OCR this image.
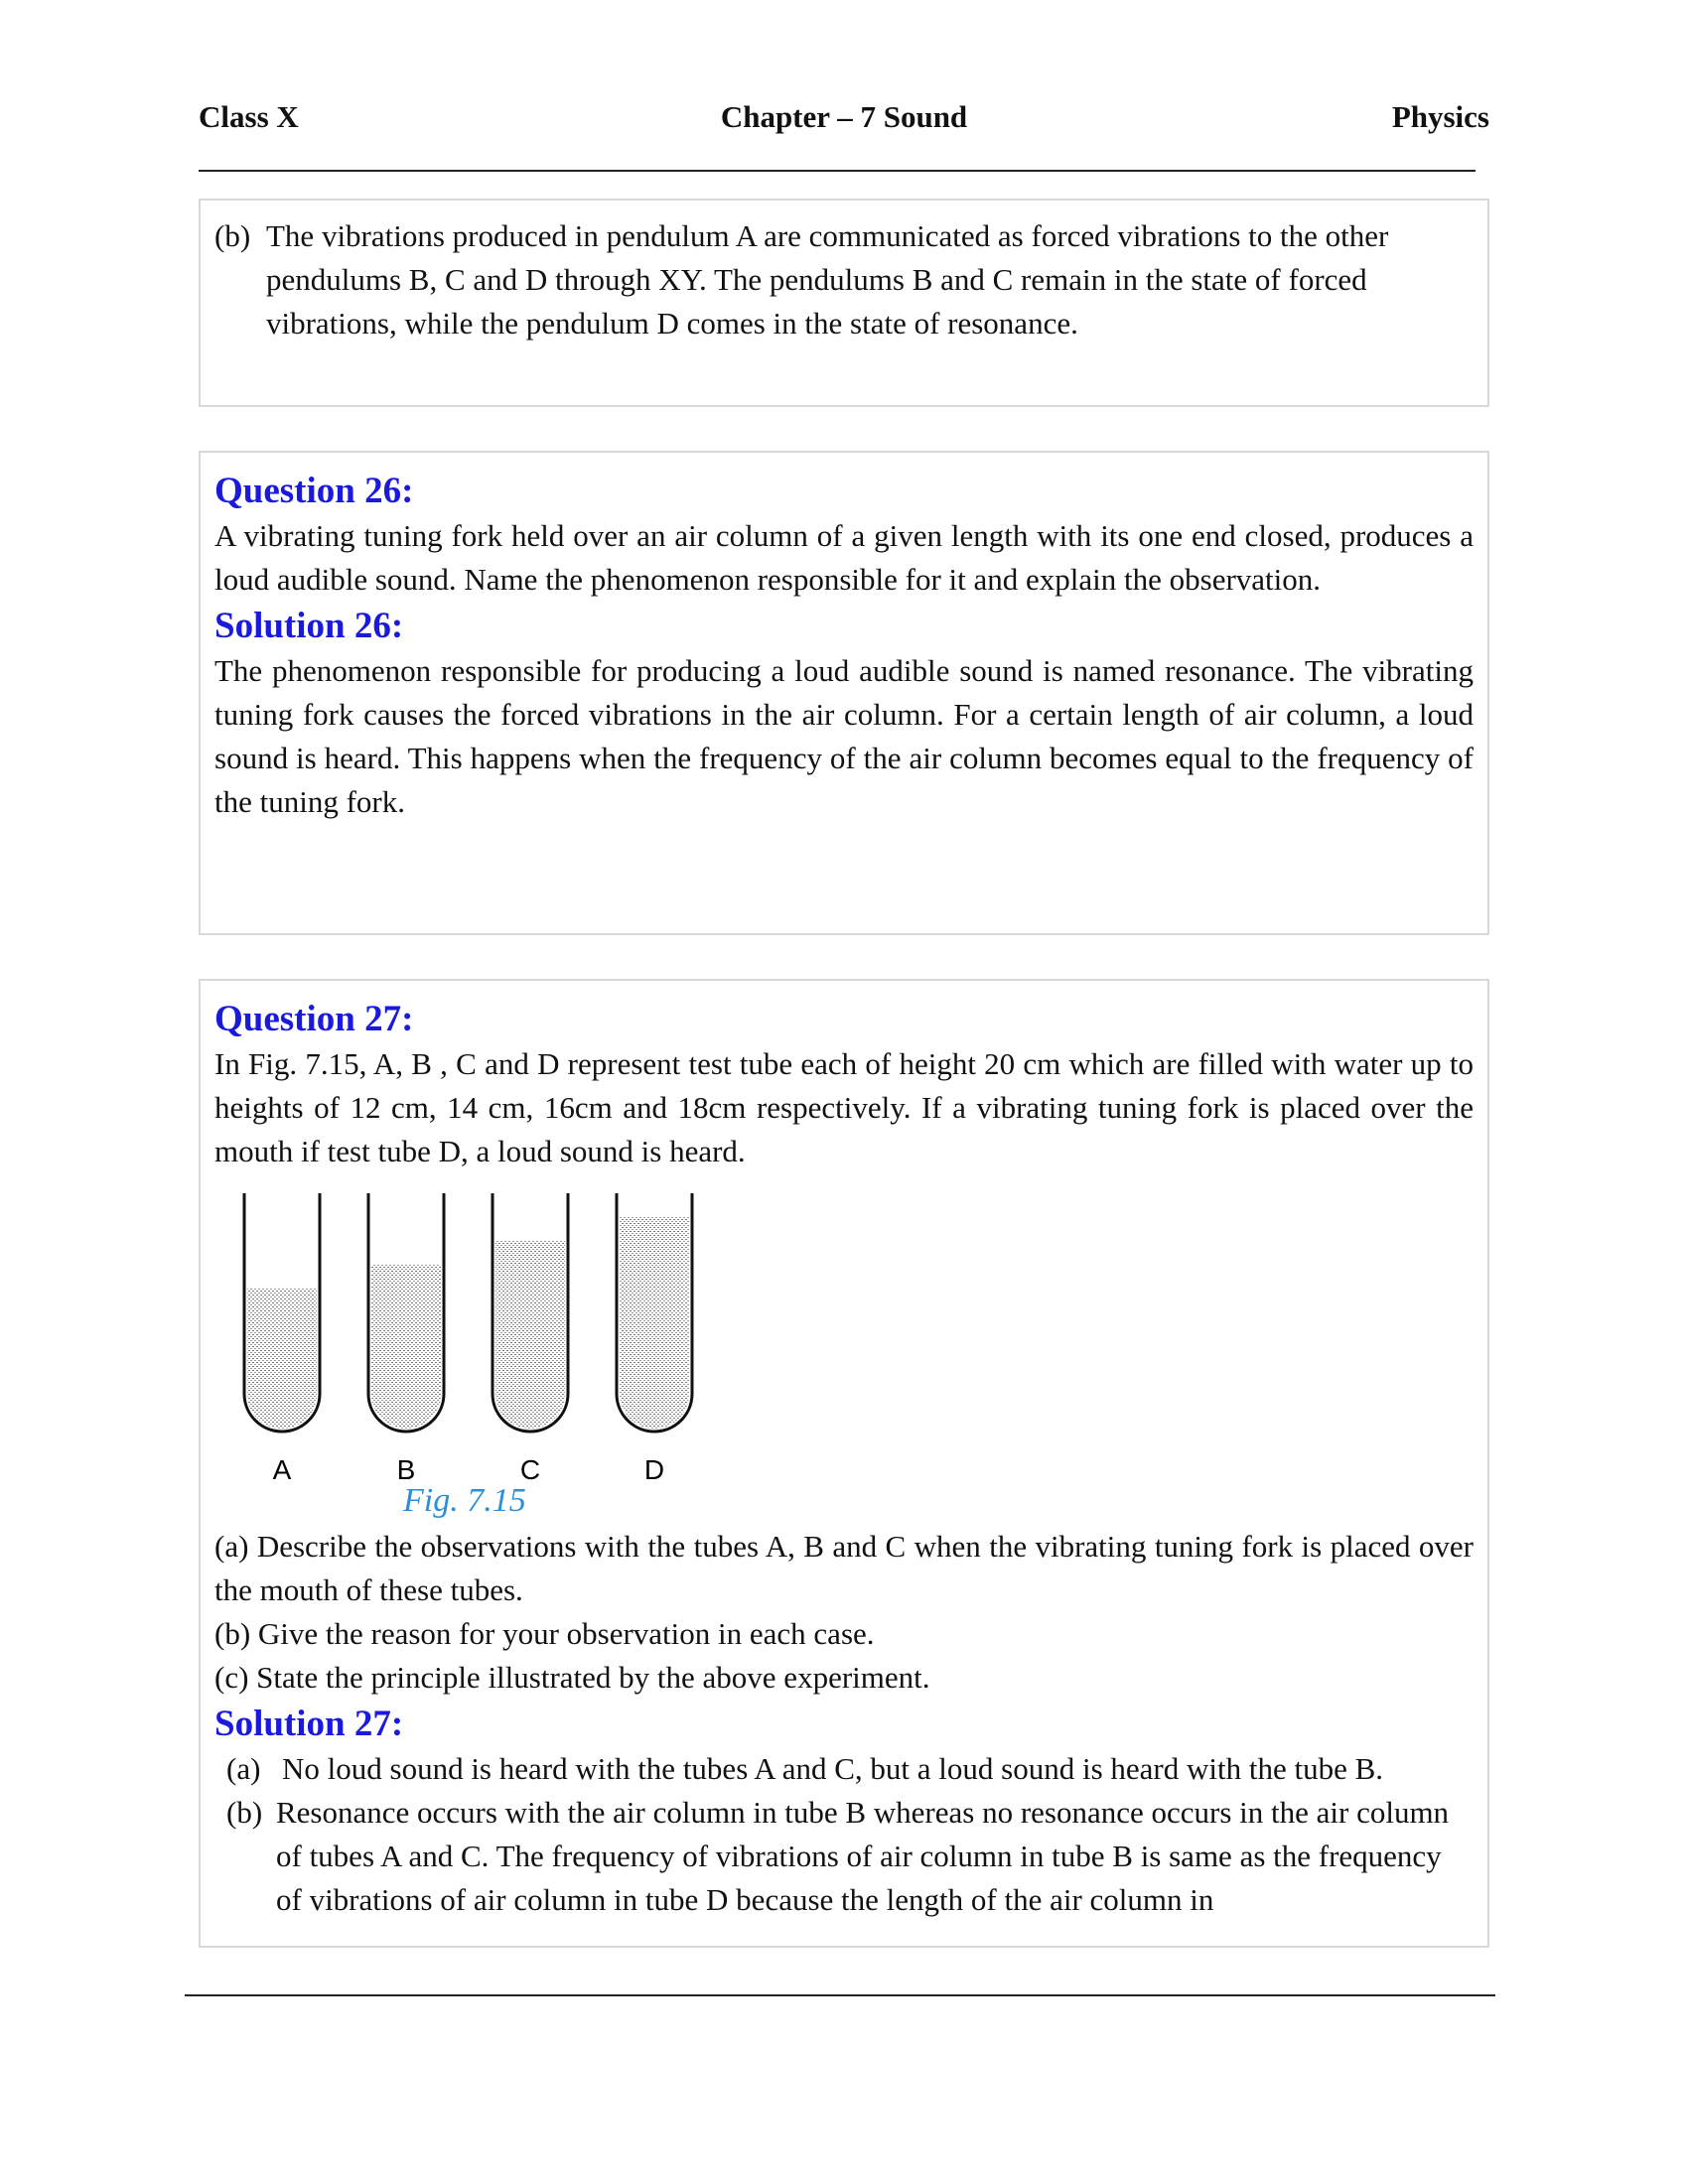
Class X	Chapter – 7 Sound	Physics
(b) The vibrations produced in pendulum A are communicated as forced vibrations to the other pendulums B, C and D through XY. The pendulums B and C remain in the state of forced vibrations, while the pendulum D comes in the state of resonance.

Question 26:

A vibrating tuning fork held over an air column of a given length with its one end closed, produces a loud audible sound. Name the phenomenon responsible for it and explain the observation.

Solution 26:

The phenomenon responsible for producing a loud audible sound is named resonance. The vibrating tuning fork causes the forced vibrations in the air column. For a certain length of air column, a loud sound is heard. This happens when the frequency of the air column becomes equal to the frequency of the tuning fork.

Question 27:

In Fig. 7.15, A, B , C and D represent test tube each of height 20 cm which are filled with water up to heights of 12 cm, 14 cm, 16cm and 18cm respectively. If a vibrating tuning fork is placed over the mouth if test tube D, a loud sound is heard.

A	B	C	D
Fig. 7.15

(a) Describe the observations with the tubes A, B and C when the vibrating tuning fork is placed over the mouth of these tubes.

(b) Give the reason for your observation in each case.

(c) State the principle illustrated by the above experiment.

Solution 27:

(a) No loud sound is heard with the tubes A and C, but a loud sound is heard with the tube B.
(b) Resonance occurs with the air column in tube B whereas no resonance occurs in the air column of tubes A and C. The frequency of vibrations of air column in tube B is same as the frequency of vibrations of air column in tube D because the length of the air column in
